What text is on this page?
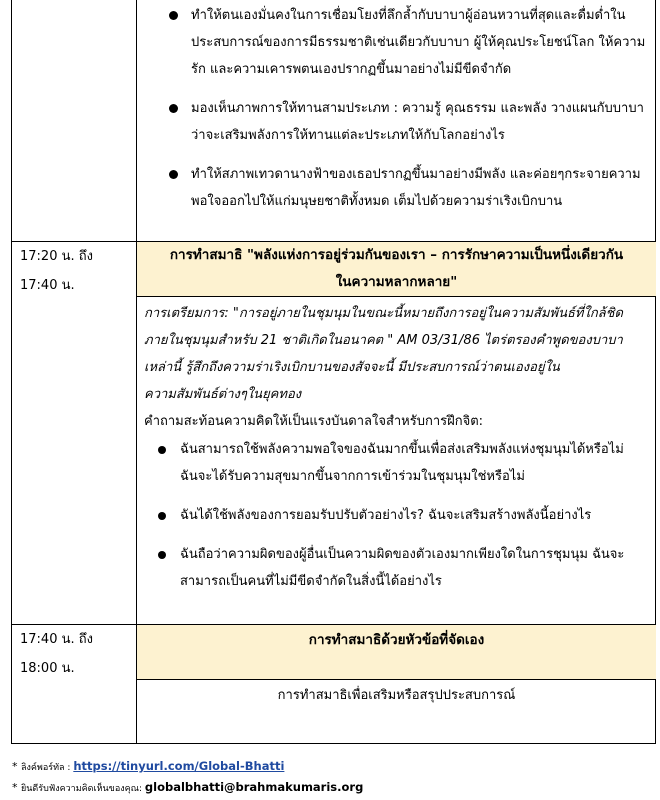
ทำให้ตนเองมั่นคงในการเชื่อมโยงที่ลึกล้ำกับบาบาผู้อ่อนหวานที่สุดและดื่มด่ำในประสบการณ์ของการมีธรรมชาติเช่นเดียวกับบาบา ผู้ให้คุณประโยชน์โลก ให้ความรัก และความเคารพตนเองปรากฏขึ้นมาอย่างไม่มีขีดจำกัด
มองเห็นภาพการให้ทานสามประเภท : ความรู้ คุณธรรม และพลัง วางแผนกับบาบาว่าจะเสริมพลังการให้ทานแต่ละประเภทให้กับโลกอย่างไร
ทำให้สภาพเทวดานางฟ้าของเธอปรากฏขึ้นมาอย่างมีพลัง และค่อยๆกระจายความพอใจออกไปให้แก่มนุษยชาติทั้งหมด เต็มไปด้วยความร่าเริงเบิกบาน
17:20 น. ถึง
17:40 น.
การทำสมาธิ "พลังแห่งการอยู่ร่วมกันของเรา – การรักษาความเป็นหนึ่งเดียวกัน
ในความหลากหลาย"
การเตรียมการ: "การอยู่ภายในชุมนุมในขณะนี้หมายถึงการอยู่ในความสัมพันธ์ที่ใกล้ชิด
ภายในชุมนุมสำหรับ 21 ชาติเกิดในอนาคต " AM 03/31/86 ไตร่ตรองคำพูดของบาบา
เหล่านี้ รู้สึกถึงความร่าเริงเบิกบานของสัจจะนี้ มีประสบการณ์ว่าตนเองอยู่ใน
ความสัมพันธ์ต่างๆในยุคทอง
คำถามสะท้อนความคิดให้เป็นแรงบันดาลใจสำหรับการฝึกจิต:
ฉันสามารถใช้พลังความพอใจของฉันมากขึ้นเพื่อส่งเสริมพลังแห่งชุมนุมได้หรือไม่
ฉันจะได้รับความสุขมากขึ้นจากการเข้าร่วมในชุมนุมใช่หรือไม่
ฉันได้ใช้พลังของการยอมรับปรับตัวอย่างไร? ฉันจะเสริมสร้างพลังนี้อย่างไร
ฉันถือว่าความผิดของผู้อื่นเป็นความผิดของตัวเองมากเพียงใดในการชุมนุม ฉันจะ
สามารถเป็นคนที่ไม่มีขีดจำกัดในสิ่งนี้ได้อย่างไร
17:40 น. ถึง
18:00 น.
การทำสมาธิด้วยหัวข้อที่จัดเอง
การทำสมาธิเพื่อเสริมหรือสรุปประสบการณ์
* ลิงค์พอร์ทัล : https://tinyurl.com/Global-Bhatti
* ยินดีรับฟังความคิดเห็นของคุณ: globalbhatti@brahmakumaris.org
